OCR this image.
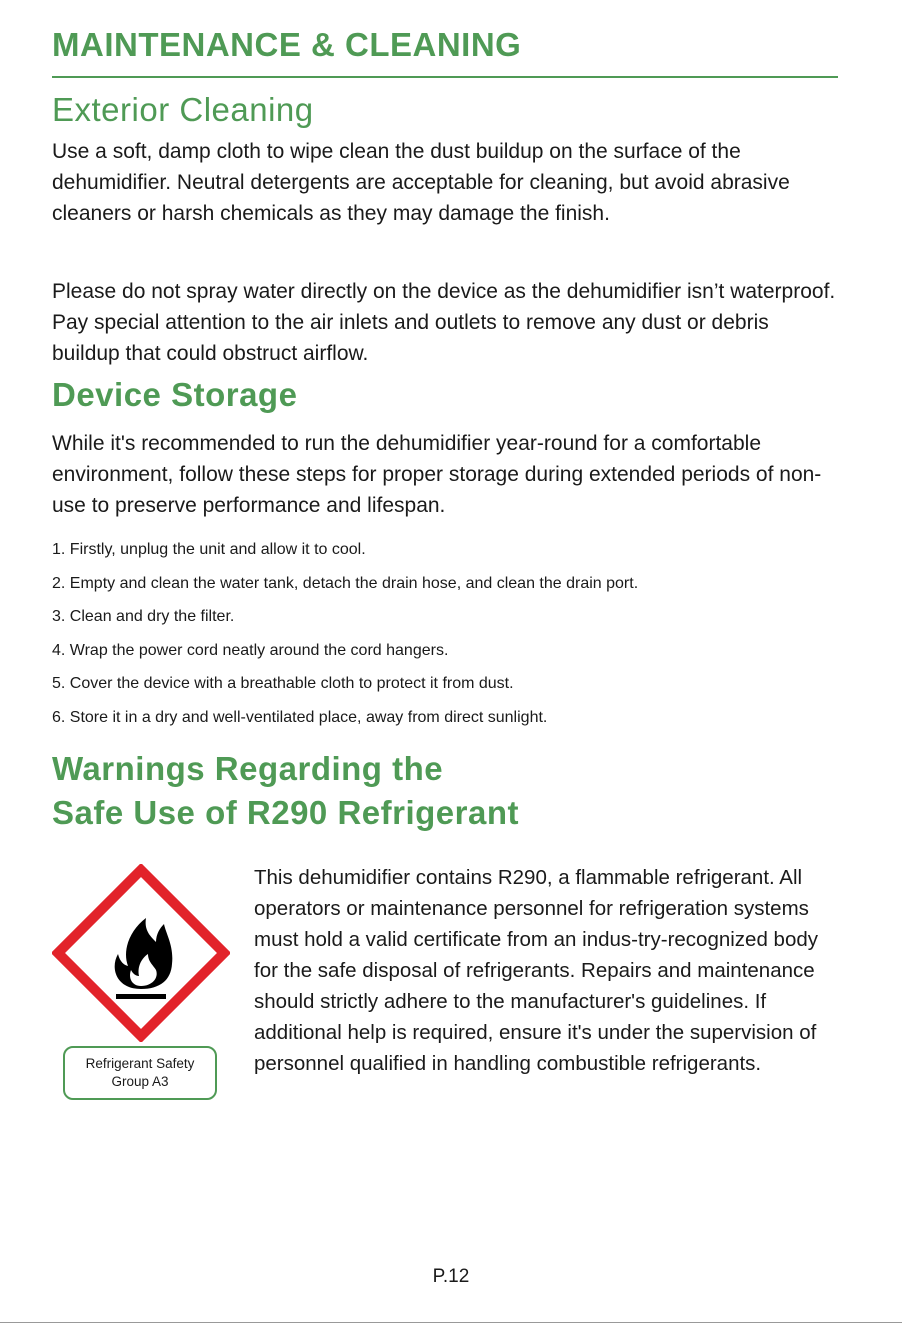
MAINTENANCE & CLEANING
Exterior Cleaning

Use a soft, damp cloth to wipe clean the dust buildup on the surface of the dehumidifier. Neutral detergents are acceptable for cleaning, but avoid abrasive cleaners or harsh chemicals as they may damage the finish.

Please do not spray water directly on the device as the dehumidifier isn’t waterproof. Pay special attention to the air inlets and outlets to remove any dust or debris buildup that could obstruct airflow.

Device Storage

While it's recommended to run the dehumidifier year-round for a comfortable environment, follow these steps for proper storage during extended periods of non-use to preserve performance and lifespan.

1. Firstly, unplug the unit and allow it to cool.
2. Empty and clean the water tank, detach the drain hose, and clean the drain port.
3. Clean and dry the filter.
4. Wrap the power cord neatly around the cord hangers.
5. Cover the device with a breathable cloth to protect it from dust.
6. Store it in a dry and well-ventilated place, away from direct sunlight.
Warnings Regarding the
Safe Use of R290 Refrigerant
Refrigerant Safety
Group A3

This dehumidifier contains R290, a flammable refrigerant. All operators or maintenance personnel for refrigeration systems must hold a valid certificate from an indus-try-recognized body for the safe disposal of refrigerants. Repairs and maintenance should strictly adhere to the manufacturer's guidelines. If additional help is required, ensure it's under the supervision of personnel qualified in handling combustible refrigerants.

P.12
